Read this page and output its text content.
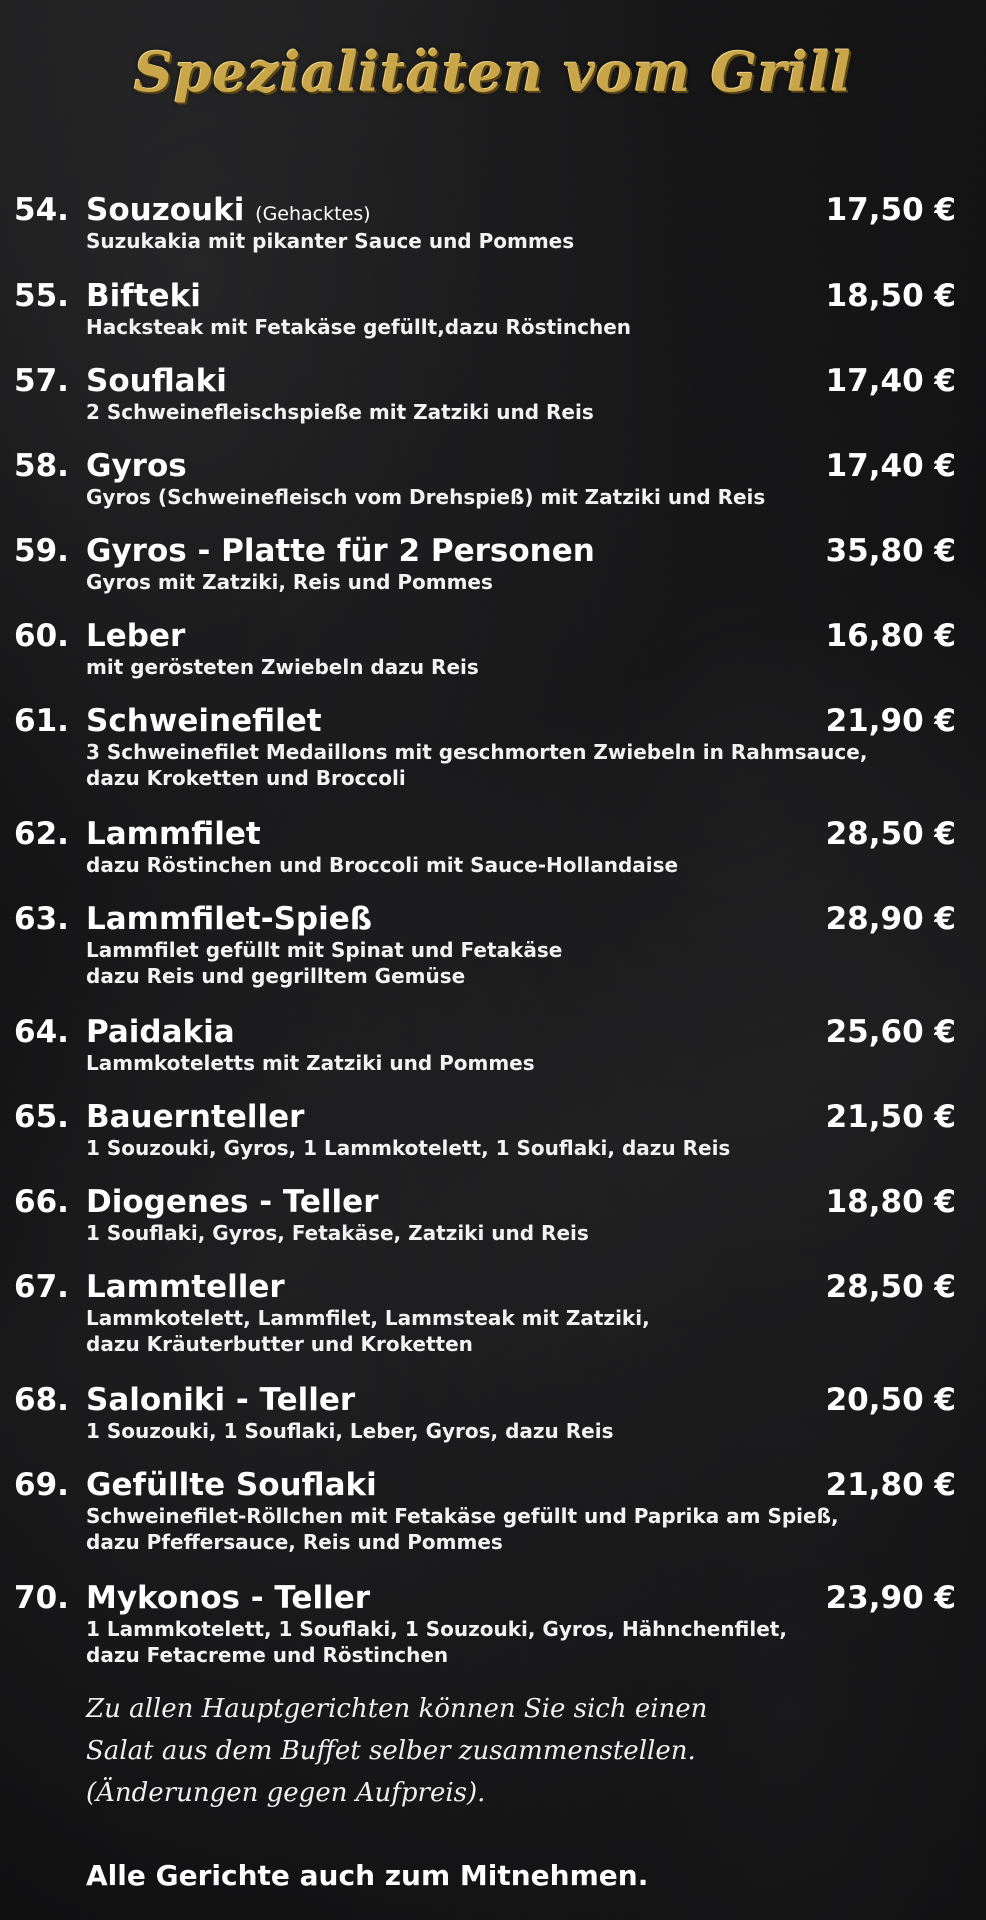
Spezialitäten vom Grill
54. Souzouki (Gehacktes)	17,50 €
Suzukakia mit pikanter Sauce und Pommes
55. Bifteki	18,50 €
Hacksteak mit Fetakäse gefüllt,dazu Röstinchen
57. Souflaki	17,40 €
2 Schweinefleischspieße mit Zatziki und Reis
58. Gyros	17,40 €
Gyros (Schweinefleisch vom Drehspieß) mit Zatziki und Reis
59. Gyros - Platte für 2 Personen	35,80 €
Gyros mit Zatziki, Reis und Pommes
60. Leber	16,80 €
mit gerösteten Zwiebeln dazu Reis
61. Schweinefilet	21,90 €
3 Schweinefilet Medaillons mit geschmorten Zwiebeln in Rahmsauce,
dazu Kroketten und Broccoli
62. Lammfilet	28,50 €
dazu Röstinchen und Broccoli mit Sauce-Hollandaise
63. Lammfilet-Spieß	28,90 €
Lammfilet gefüllt mit Spinat und Fetakäse
dazu Reis und gegrilltem Gemüse
64. Paidakia	25,60 €
Lammkoteletts mit Zatziki und Pommes
65. Bauernteller	21,50 €
1 Souzouki, Gyros, 1 Lammkotelett, 1 Souflaki, dazu Reis
66. Diogenes - Teller	18,80 €
1 Souflaki, Gyros, Fetakäse, Zatziki und Reis
67. Lammteller	28,50 €
Lammkotelett, Lammfilet, Lammsteak mit Zatziki,
dazu Kräuterbutter und Kroketten
68. Saloniki - Teller	20,50 €
1 Souzouki, 1 Souflaki, Leber, Gyros, dazu Reis
69. Gefüllte Souflaki	21,80 €
Schweinefilet-Röllchen mit Fetakäse gefüllt und Paprika am Spieß,
dazu Pfeffersauce, Reis und Pommes
70. Mykonos - Teller	23,90 €
1 Lammkotelett, 1 Souflaki, 1 Souzouki, Gyros, Hähnchenfilet,
dazu Fetacreme und Röstinchen
Zu allen Hauptgerichten können Sie sich einen
Salat aus dem Buffet selber zusammenstellen.
(Änderungen gegen Aufpreis).
Alle Gerichte auch zum Mitnehmen.
